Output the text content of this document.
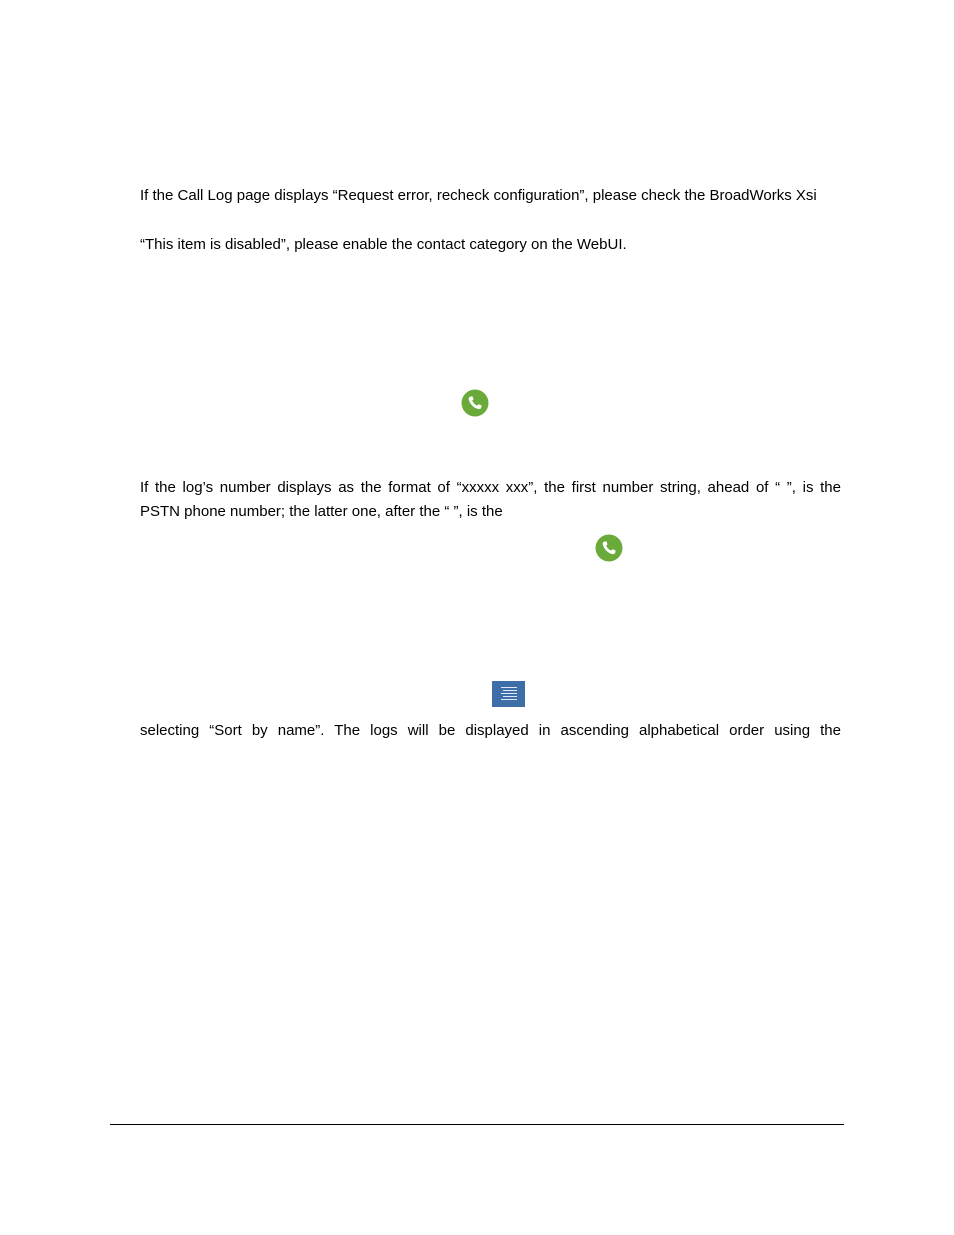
If the Call Log page displays “Request error, recheck configuration”, please check the BroadWorks Xsi
“This item is disabled”, please enable the contact category on the WebUI.
If the log’s number displays as the format of “xxxxx xxx”, the first number string, ahead of “ ”, is the
PSTN phone number; the latter one, after the “ ”, is the
selecting “Sort by name”. The logs will be displayed in ascending alphabetical order using the
